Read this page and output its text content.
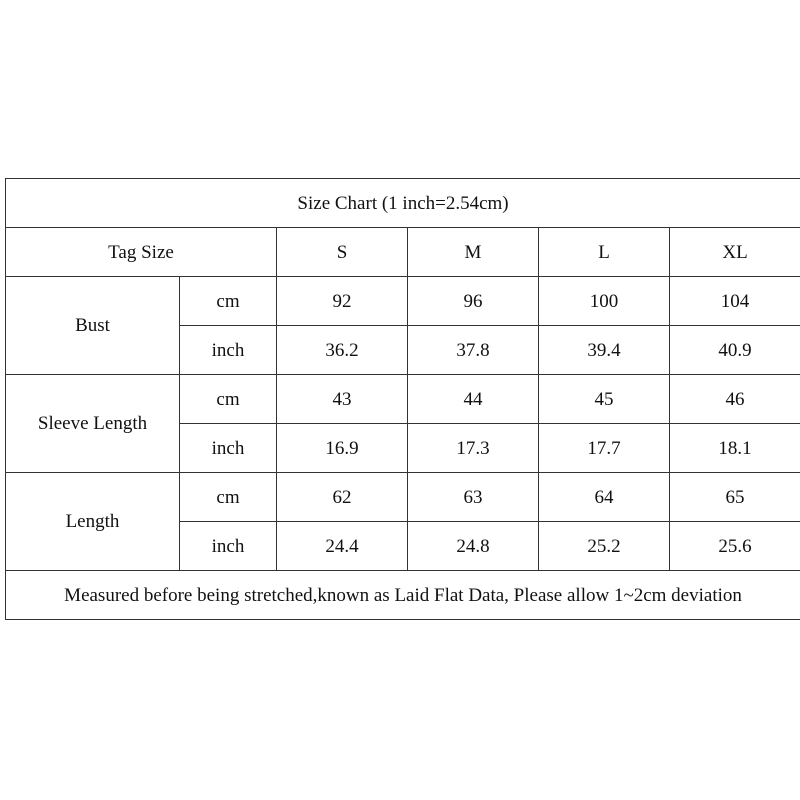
Size Chart (1 inch=2.54cm)					
Tag Size		S	M	L	XL
Bust	cm	92	96	100	104
	inch	36.2	37.8	39.4	40.9
Sleeve Length	cm	43	44	45	46
	inch	16.9	17.3	17.7	18.1
Length	cm	62	63	64	65
	inch	24.4	24.8	25.2	25.6
Measured before being stretched,known as Laid Flat Data, Please allow 1~2cm deviation					
